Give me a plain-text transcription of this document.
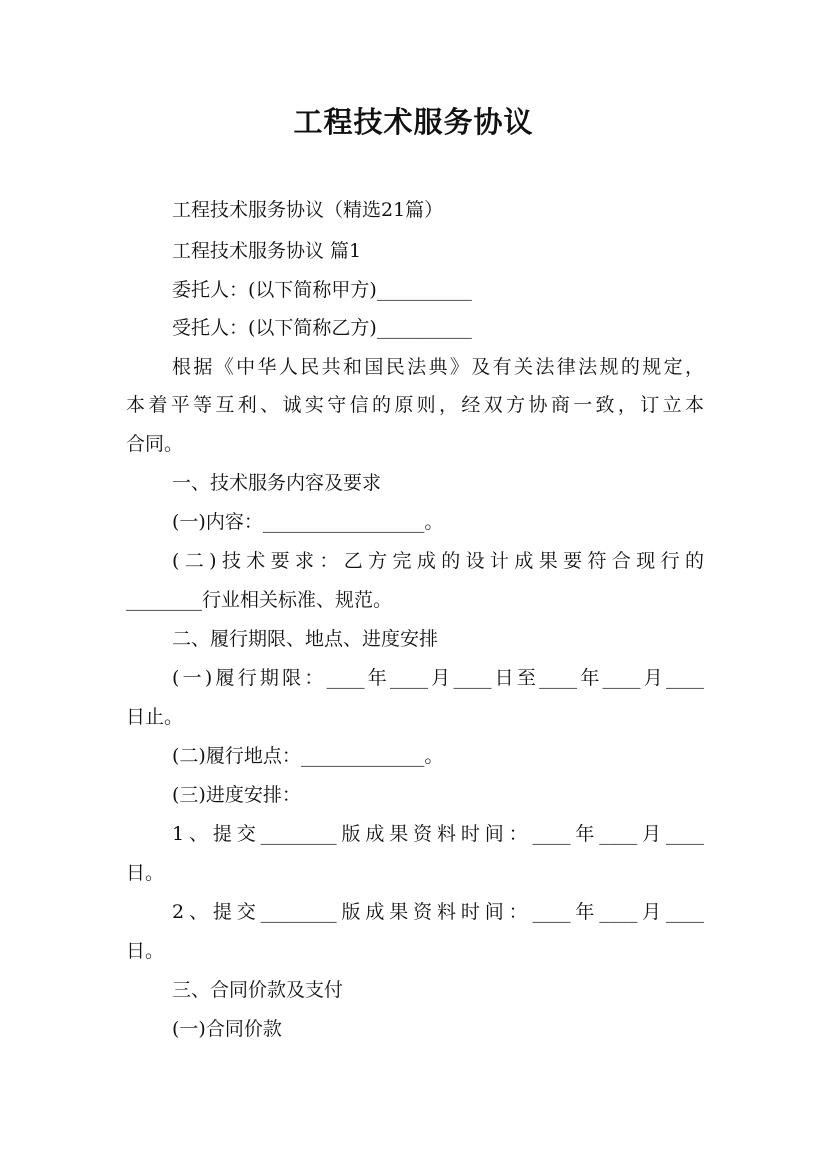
工程技术服务协议
工程技术服务协议（精选21篇）
工程技术服务协议 篇1
委托人：(以下简称甲方)__________
受托人：(以下简称乙方)__________
根据《中华人民共和国民法典》及有关法律法规的规定，
本着平等互利、诚实守信的原则，经双方协商一致，订立本
合同。
一、技术服务内容及要求
(一)内容：_________________。
(二)技术要求：乙方完成的设计成果要符合现行的
________行业相关标准、规范。
二、履行期限、地点、进度安排
(一)履行期限：____年____月____日至____年____月____
日止。
(二)履行地点：_____________。
(三)进度安排：
1、提交________版成果资料时间：____年____月____
日。
2、提交________版成果资料时间：____年____月____
日。
三、合同价款及支付
(一)合同价款
